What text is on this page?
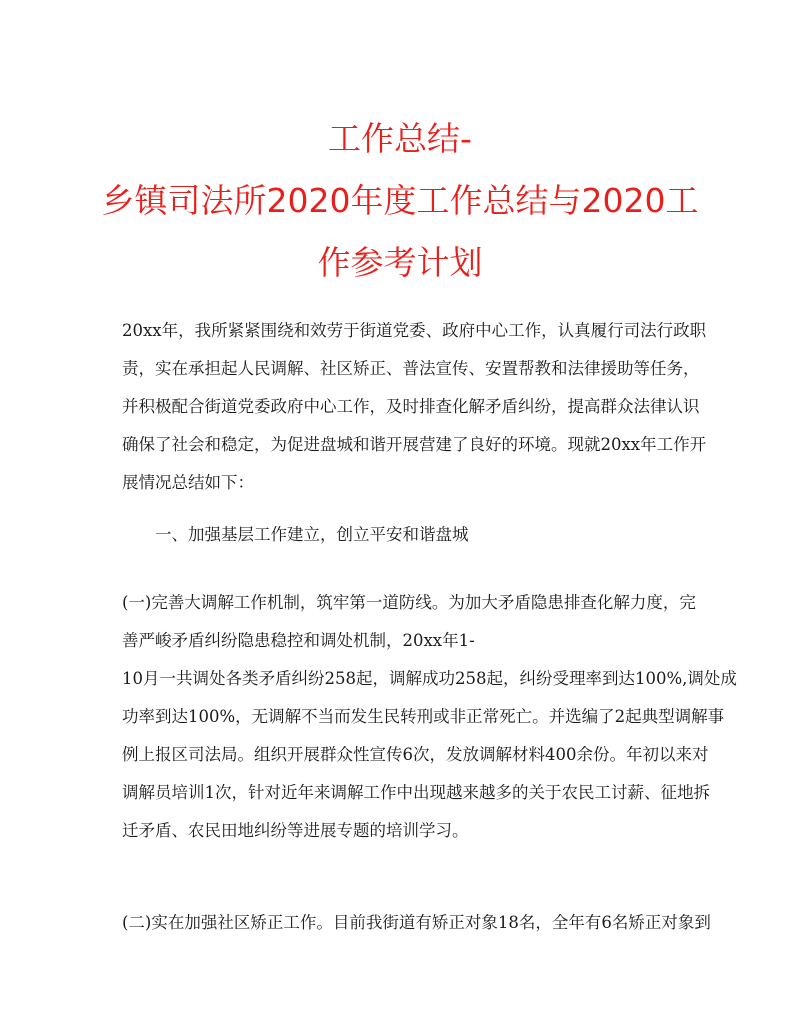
工作总结-
乡镇司法所2020年度工作总结与2020工
作参考计划
20xx年，我所紧紧围绕和效劳于街道党委、政府中心工作，认真履行司法行政职
责，实在承担起人民调解、社区矫正、普法宣传、安置帮教和法律援助等任务，
并积极配合街道党委政府中心工作，及时排查化解矛盾纠纷，提高群众法律认识
确保了社会和稳定，为促进盘城和谐开展营建了良好的环境。现就20xx年工作开
展情况总结如下：
一、加强基层工作建立，创立平安和谐盘城
(一)完善大调解工作机制，筑牢第一道防线。为加大矛盾隐患排查化解力度，完
善严峻矛盾纠纷隐患稳控和调处机制，20xx年1-
10月一共调处各类矛盾纠纷258起，调解成功258起，纠纷受理率到达100%,调处成
功率到达100%，无调解不当而发生民转刑或非正常死亡。并选编了2起典型调解事
例上报区司法局。组织开展群众性宣传6次，发放调解材料400余份。年初以来对
调解员培训1次，针对近年来调解工作中出现越来越多的关于农民工讨薪、征地拆
迁矛盾、农民田地纠纷等进展专题的培训学习。
(二)实在加强社区矫正工作。目前我街道有矫正对象18名，全年有6名矫正对象到
